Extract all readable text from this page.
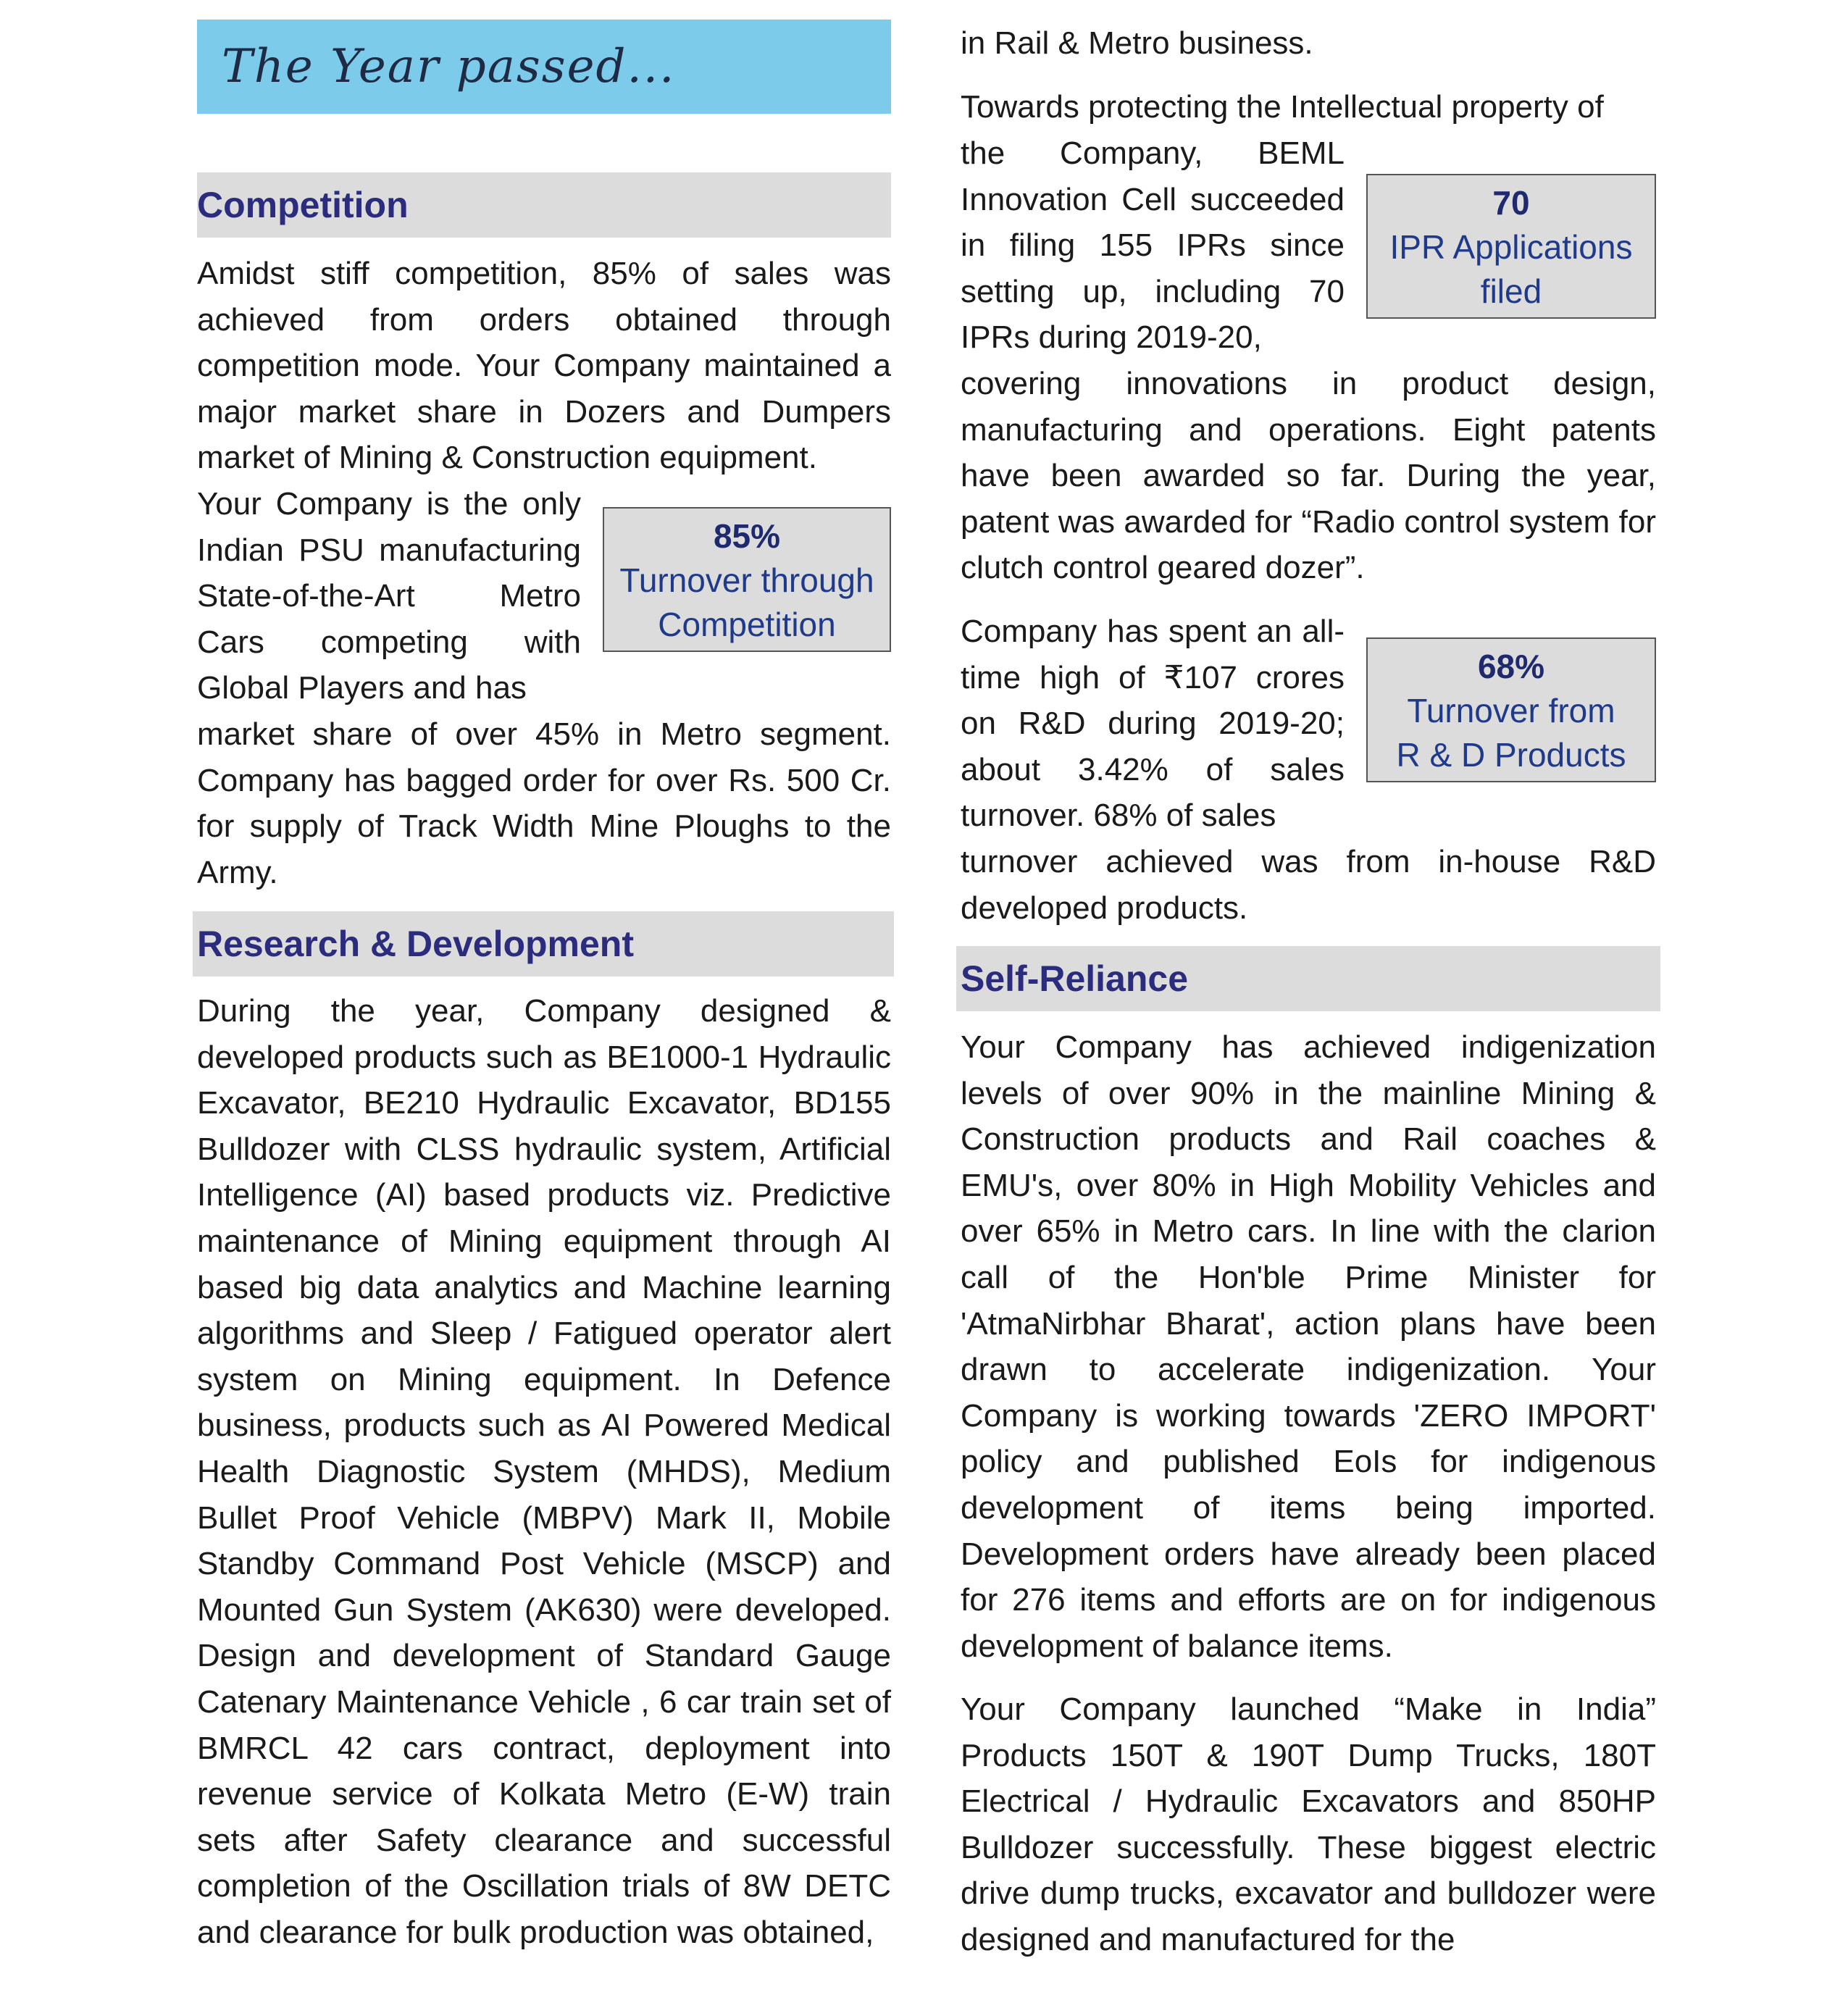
The Year passed...
Competition

Amidst stiff competition, 85% of sales was achieved from orders obtained through competition mode. Your Company maintained a major market share in Dozers and Dumpers market of Mining & Construction equipment.

Your Company is the only Indian PSU manufacturing State-of-the-Art Metro Cars competing with Global Players and has

85%
Turnover through
Competition

market share of over 45% in Metro segment. Company has bagged order for over Rs. 500 Cr. for supply of Track Width Mine Ploughs to the Army.

Research & Development

During the year, Company designed & developed products such as BE1000-1 Hydraulic Excavator, BE210 Hydraulic Excavator, BD155 Bulldozer with CLSS hydraulic system, Artificial Intelligence (AI) based products viz. Predictive maintenance of Mining equipment through AI based big data analytics and Machine learning algorithms and Sleep / Fatigued operator alert system on Mining equipment. In Defence business, products such as AI Powered Medical Health Diagnostic System (MHDS), Medium Bullet Proof Vehicle (MBPV) Mark II, Mobile Standby Command Post Vehicle (MSCP) and Mounted Gun System (AK630) were developed. Design and development of Standard Gauge Catenary Maintenance Vehicle , 6 car train set of BMRCL 42 cars contract, deployment into revenue service of Kolkata Metro (E-W) train sets after Safety clearance and successful completion of the Oscillation trials of 8W DETC and clearance for bulk production was obtained,

in Rail & Metro business.

Towards protecting the Intellectual property of

the Company, BEML Innovation Cell succeeded in filing 155 IPRs since setting up, including 70 IPRs during 2019-20,

70
IPR Applications
filed

covering innovations in product design, manufacturing and operations. Eight patents have been awarded so far. During the year, patent was awarded for “Radio control system for clutch control geared dozer”.

Company has spent an all-time high of ₹107 crores on R&D during 2019-20; about 3.42% of sales turnover. 68% of sales

68%
Turnover from
R & D Products

turnover achieved was from in-house R&D developed products.

Self-Reliance

Your Company has achieved indigenization levels of over 90% in the mainline Mining & Construction products and Rail coaches & EMU's, over 80% in High Mobility Vehicles and over 65% in Metro cars. In line with the clarion call of the Hon'ble Prime Minister for 'AtmaNirbhar Bharat', action plans have been drawn to accelerate indigenization. Your Company is working towards 'ZERO IMPORT' policy and published EoIs for indigenous development of items being imported. Development orders have already been placed for 276 items and efforts are on for indigenous development of balance items.

Your Company launched “Make in India” Products 150T & 190T Dump Trucks, 180T Electrical / Hydraulic Excavators and 850HP Bulldozer successfully. These biggest electric drive dump trucks, excavator and bulldozer were designed and manufactured for the
